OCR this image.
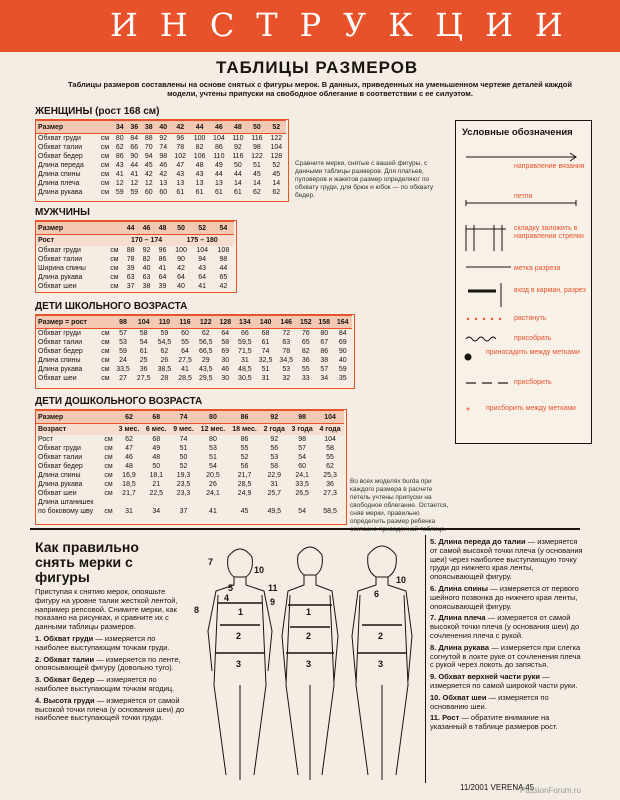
ИНСТРУКЦИИ
ТАБЛИЦЫ РАЗМЕРОВ
Таблицы размеров составлены на основе снятых с фигуры мерок. В данных, приведенных на уменьшенном чертеже деталей каждой модели, учтены припуски на свободное облегание в соответствии с ее силуэтом.
ЖЕНЩИНЫ (рост 168 см)
Размер		34	36	38	40	42	44	46	48	50	52
Обхват груди	см	80	84	88	92	96	100	104	110	116	122
Обхват талии	см	62	66	70	74	78	82	86	92	98	104
Обхват бедер	см	86	90	94	98	102	106	110	116	122	128
Длина переда	см	43	44	45	46	47	48	49	50	51	52
Длина спины	см	41	41	42	42	43	43	44	44	45	45
Длина плеча	см	12	12	12	13	13	13	13	14	14	14
Длина рукава	см	59	59	60	60	61	61	61	61	62	62
Сравните мерки, снятые с вашей фигуры, с данными таблицы размеров. Для платьев, пуловеров и жакетов размер определяют по обхвату груди, для брюк и юбок — по обхвату бедер.
МУЖЧИНЫ
Размер		44	46	48	50	52	54
Рост		170 – 174			175 – 180		
Обхват груди	см	88	92	96	100	104	108
Обхват талии	см	78	82	86	90	94	98
Ширина спины	см	39	40	41	42	43	44
Длина рукава	см	63	63	64	64	64	65
Обхват шеи	см	37	38	39	40	41	42
ДЕТИ ШКОЛЬНОГО ВОЗРАСТА
Размер = рост		98	104	110	116	122	128	134	140	146	152	158	164
Обхват груди	см	57	58	59	60	62	64	66	68	72	76	80	84
Обхват талии	см	53	54	54,5	55	56,5	58	59,5	61	63	65	67	69
Обхват бедер	см	59	61	62	64	66,5	69	71,5	74	78	82	86	90
Длина спины	см	24	25	26	27,5	29	30	31	32,5	34,5	36	38	40
Длина рукава	см	33,5	36	38,5	41	43,5	46	48,5	51	53	55	57	59
Обхват шеи	см	27	27,5	28	28,5	29,5	30	30,5	31	32	33	34	35
ДЕТИ ДОШКОЛЬНОГО ВОЗРАСТА
Размер		62	68	74	80	86	92	98	104
Возраст		3 мес.	6 мес.	9 мес.	12 мес.	18 мес.	2 года	3 года	4 года
Рост	см	62	68	74	80	86	92	98	104
Обхват груди	см	47	49	51	53	55	56	57	58
Обхват талии	см	46	48	50	51	52	53	54	55
Обхват бедер	см	48	50	52	54	56	58	60	62
Длина спины	см	16,9	18,1	19,3	20,5	21,7	22,9	24,1	25,3
Длина рукава	см	18,5	21	23,5	26	28,5	31	33,5	36
Обхват шеи	см	21,7	22,5	23,3	24,1	24,9	25,7	26,5	27,3
Длина штанишек									
по боковому шву	см	31	34	37	41	45	49,5	54	58,5
Во всех моделях burda при каждого размера в расчете петель учтены припуски на свободное облегание. Остается, сняв мерки, правильно определить размер ребенка согласно приведенной таблице.
Условные обозначения
*
направление вязания
петля
складку заложить в направлении стрелки
метка разреза
вход в карман, разрез
растянуть
присобрать
приносадить между метками
присборить
присборить между метками
Как правильно снять мерки с фигуры

Приступая к снятию мерок, опояшьте фигуру на уровне талии жесткой лентой, например репсовой. Снимите мерки, как показано на рисунках, и сравните их с данными таблицы размеров.

1. Обхват груди — измеряется по наиболее выступающим точкам груди.

2. Обхват талии — измеряется по ленте, опоясывающей фигуру (довольно туго).

3. Обхват бедер — измеряется по наиболее выступающим точкам ягодиц.

4. Высота груди — измеряется от самой высокой точки плеча (у основания шеи) до наиболее выступающей точки груди.

5. Длина переда до талии — измеряется от самой высокой точки плеча (у основания шеи) через наиболее выступающую точку груди до нижнего края ленты, опоясывающей фигуру.

6. Длина спины — измеряется от первого шейного позвонка до нижнего края ленты, опоясывающей фигуру.

7. Длина плеча — измеряется от самой высокой точки плеча (у основания шеи) до сочленения плеча с рукой.

8. Длина рукава — измеряется при слегка согнутой в локте руке от сочленения плеча с рукой через локоть до запястья.

9. Обхват верхней части руки — измеряется по самой широкой части руки.

10. Обхват шеи — измеряется по основанию шеи.

11. Рост — обратите внимание на указанный в таблице размеров рост.

7
10
5
1
2
3
8
11
9
4
1
2
3
10
6
2
3
11/2001 VERENA 45
PassionForum.ru
